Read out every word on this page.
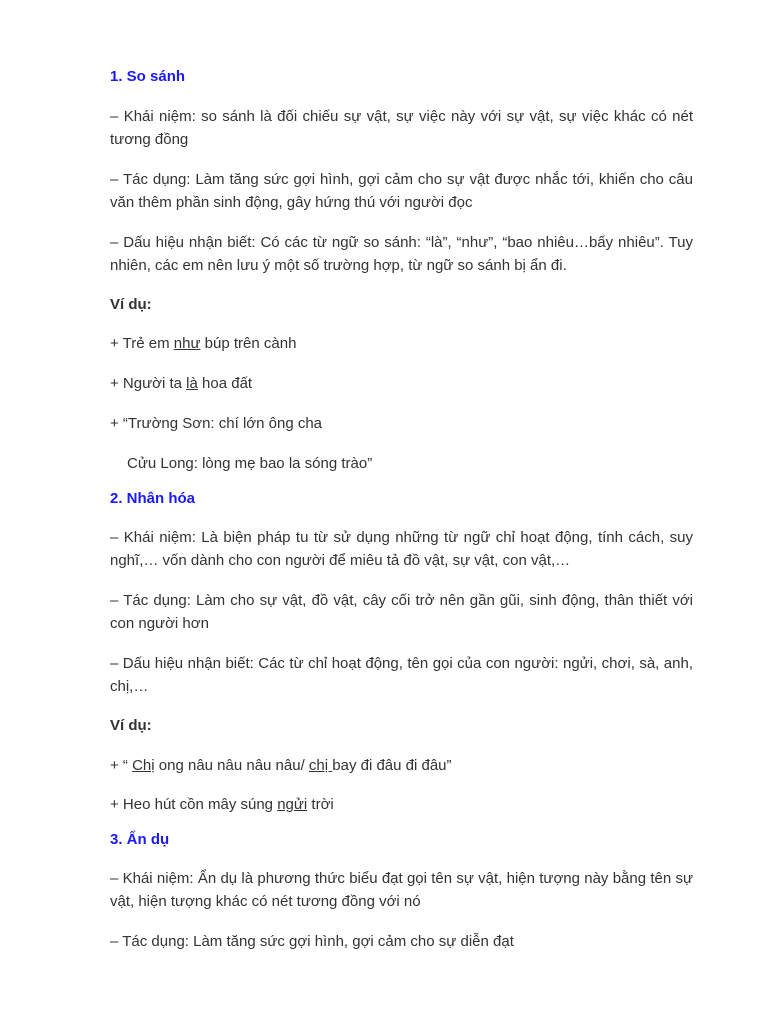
1. So sánh
– Khái niệm: so sánh là đối chiếu sự vật, sự việc này với sự vật, sự việc khác có nét tương đồng
– Tác dụng: Làm tăng sức gợi hình, gợi cảm cho sự vật được nhắc tới, khiến cho câu văn thêm phần sinh động, gây hứng thú với người đọc
– Dấu hiệu nhận biết: Có các từ ngữ so sánh: “là”, “như”, “bao nhiêu…bấy nhiêu”. Tuy nhiên, các em nên lưu ý một số trường hợp, từ ngữ so sánh bị ẩn đi.
Ví dụ:
+ Trẻ em như búp trên cành
+ Người ta là hoa đất
+ “Trường Sơn: chí lớn ông cha
Cửu Long: lòng mẹ bao la sóng trào”
2. Nhân hóa
– Khái niệm: Là biện pháp tu từ sử dụng những từ ngữ chỉ hoạt động, tính cách, suy nghĩ,… vốn dành cho con người để miêu tả đồ vật, sự vật, con vật,…
– Tác dụng: Làm cho sự vật, đồ vật, cây cối trở nên gần gũi, sinh động, thân thiết với con người hơn
– Dấu hiệu nhận biết: Các từ chỉ hoạt động, tên gọi của con người: ngửi, chơi, sà, anh, chị,…
Ví dụ:
+ “ Chị ong nâu nâu nâu nâu/ chị bay đi đâu đi đâu”
+ Heo hút cồn mây súng ngửi trời
3. Ẩn dụ
– Khái niệm: Ẩn dụ là phương thức biểu đạt gọi tên sự vật, hiện tượng này bằng tên sự vật, hiện tượng khác có nét tương đồng với nó
– Tác dụng: Làm tăng sức gợi hình, gợi cảm cho sự diễn đạt
